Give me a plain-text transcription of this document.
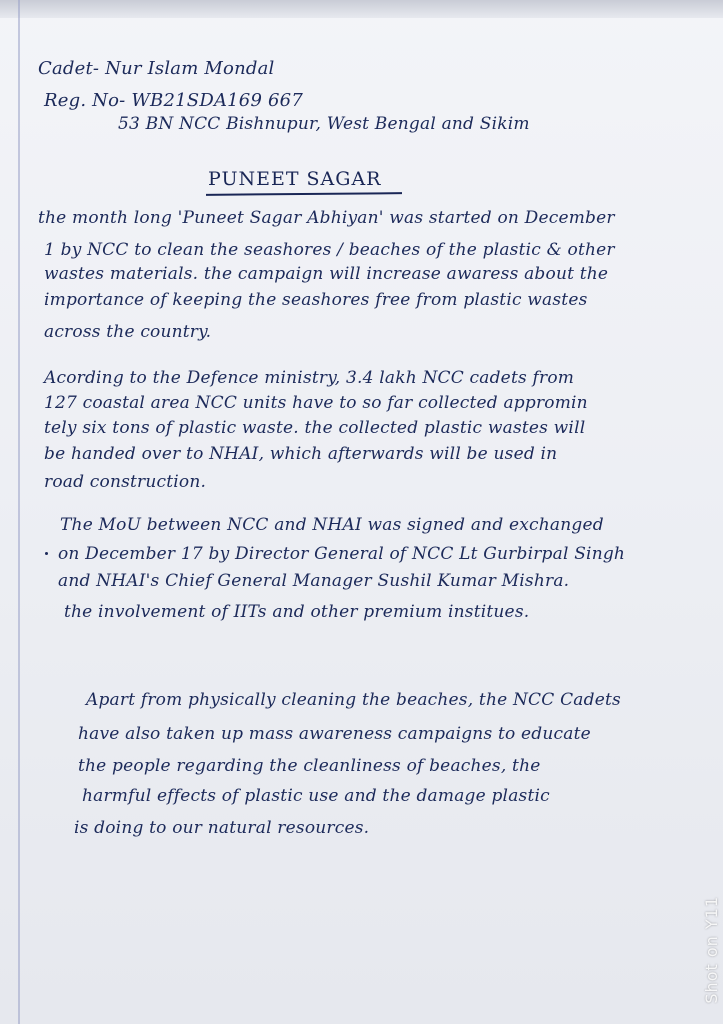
Cadet- Nur Islam Mondal
Reg. No- WB21SDA169 667
53 BN NCC Bishnupur, West Bengal and Sikim
PUNEET SAGAR
the month long 'Puneet Sagar Abhiyan' was started on December
1 by NCC to clean the seashores / beaches of the plastic & other
wastes materials. the campaign will increase awaress about the
importance of keeping the seashores free from plastic wastes
across the country.
Acording to the Defence ministry, 3.4 lakh NCC cadets from
127 coastal area NCC units have to so far collected appromin
tely six tons of plastic waste. the collected plastic wastes will
be handed over to NHAI, which afterwards will be used in
road construction.
The MoU between NCC and NHAI was signed and exchanged
on December 17 by Director General of NCC Lt Gurbirpal Singh
and NHAI's Chief General Manager Sushil Kumar Mishra.
the involvement of IITs and other premium institues.
Apart from physically cleaning the beaches, the NCC Cadets
have also taken up mass awareness campaigns to educate
the people regarding the cleanliness of beaches, the
harmful effects of plastic use and the damage plastic
is doing to our natural resources.
Shot on Y11
